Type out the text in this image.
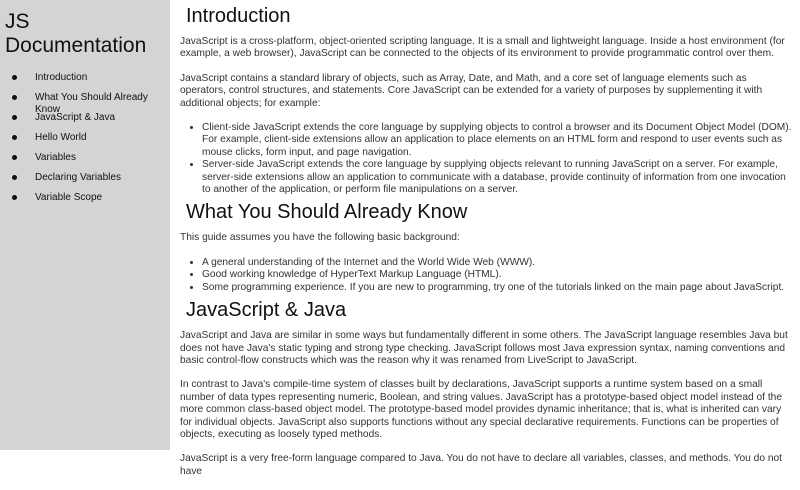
JS Documentation
Introduction
What You Should Already Know
JavaScript & Java
Hello World
Variables
Declaring Variables
Variable Scope
Introduction

JavaScript is a cross-platform, object-oriented scripting language. It is a small and lightweight language. Inside a host environment (for example, a web browser), JavaScript can be connected to the objects of its environment to provide programmatic control over them.

JavaScript contains a standard library of objects, such as Array, Date, and Math, and a core set of language elements such as operators, control structures, and statements. Core JavaScript can be extended for a variety of purposes by supplementing it with additional objects; for example:

• Client-side JavaScript extends the core language by supplying objects to control a browser and its Document Object Model (DOM). For example, client-side extensions allow an application to place elements on an HTML form and respond to user events such as mouse clicks, form input, and page navigation.
• Server-side JavaScript extends the core language by supplying objects relevant to running JavaScript on a server. For example, server-side extensions allow an application to communicate with a database, provide continuity of information from one invocation to another of the application, or perform file manipulations on a server.
What You Should Already Know

This guide assumes you have the following basic background:

• A general understanding of the Internet and the World Wide Web (WWW).
• Good working knowledge of HyperText Markup Language (HTML).
• Some programming experience. If you are new to programming, try one of the tutorials linked on the main page about JavaScript.
JavaScript & Java

JavaScript and Java are similar in some ways but fundamentally different in some others. The JavaScript language resembles Java but does not have Java's static typing and strong type checking. JavaScript follows most Java expression syntax, naming conventions and basic control-flow constructs which was the reason why it was renamed from LiveScript to JavaScript.

In contrast to Java's compile-time system of classes built by declarations, JavaScript supports a runtime system based on a small number of data types representing numeric, Boolean, and string values. JavaScript has a prototype-based object model instead of the more common class-based object model. The prototype-based model provides dynamic inheritance; that is, what is inherited can vary for individual objects. JavaScript also supports functions without any special declarative requirements. Functions can be properties of objects, executing as loosely typed methods.

JavaScript is a very free-form language compared to Java. You do not have to declare all variables, classes, and methods. You do not have
